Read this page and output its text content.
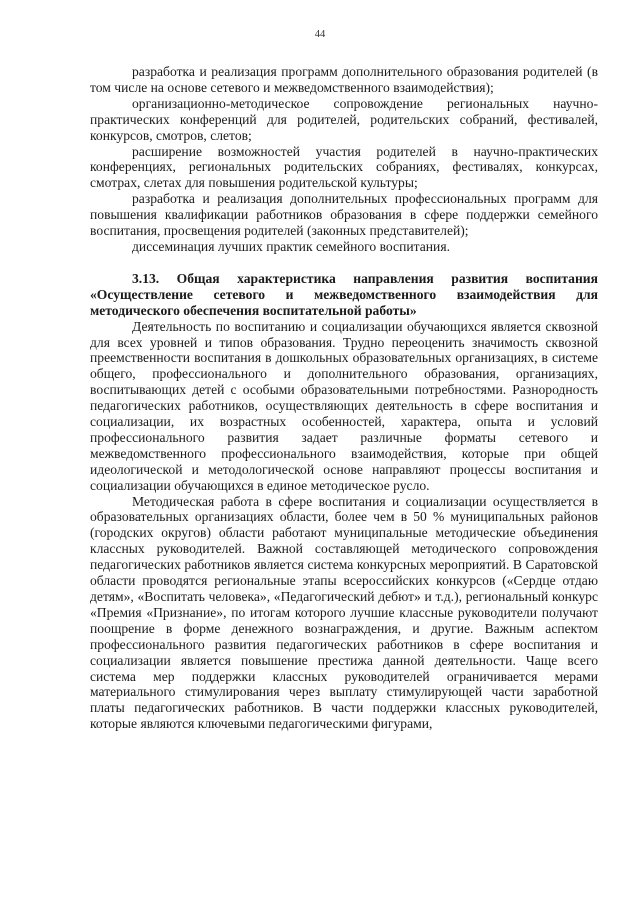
44

разработка и реализация программ дополнительного образования родителей (в том числе на основе сетевого и межведомственного взаимодействия);

организационно-методическое сопровождение региональных научно-практических конференций для родителей, родительских собраний, фестивалей, конкурсов, смотров, слетов;

расширение возможностей участия родителей в научно-практических конференциях, региональных родительских собраниях, фестивалях, конкурсах, смотрах, слетах для повышения родительской культуры;

разработка и реализация дополнительных профессиональных программ для повышения квалификации работников образования в сфере поддержки семейного воспитания, просвещения родителей (законных представителей);

диссеминация лучших практик семейного воспитания.

3.13. Общая характеристика направления развития воспитания «Осуществление сетевого и межведомственного взаимодействия для методического обеспечения воспитательной работы»

Деятельность по воспитанию и социализации обучающихся является сквозной для всех уровней и типов образования. Трудно переоценить значимость сквозной преемственности воспитания в дошкольных образовательных организациях, в системе общего, профессионального и дополнительного образования, организациях, воспитывающих детей с особыми образовательными потребностями. Разнородность педагогических работников, осуществляющих деятельность в сфере воспитания и социализации, их возрастных особенностей, характера, опыта и условий профессионального развития задает различные форматы сетевого и межведомственного профессионального взаимодействия, которые при общей идеологической и методологической основе направляют процессы воспитания и социализации обучающихся в единое методическое русло.

Методическая работа в сфере воспитания и социализации осуществляется в образовательных организациях области, более чем в 50 % муниципальных районов (городских округов) области работают муниципальные методические объединения классных руководителей. Важной составляющей методического сопровождения педагогических работников является система конкурсных мероприятий. В Саратовской области проводятся региональные этапы всероссийских конкурсов («Сердце отдаю детям», «Воспитать человека», «Педагогический дебют» и т.д.), региональный конкурс «Премия «Признание», по итогам которого лучшие классные руководители получают поощрение в форме денежного вознаграждения, и другие. Важным аспектом профессионального развития педагогических работников в сфере воспитания и социализации является повышение престижа данной деятельности. Чаще всего система мер поддержки классных руководителей ограничивается мерами материального стимулирования через выплату стимулирующей части заработной платы педагогических работников. В части поддержки классных руководителей, которые являются ключевыми педагогическими фигурами,
